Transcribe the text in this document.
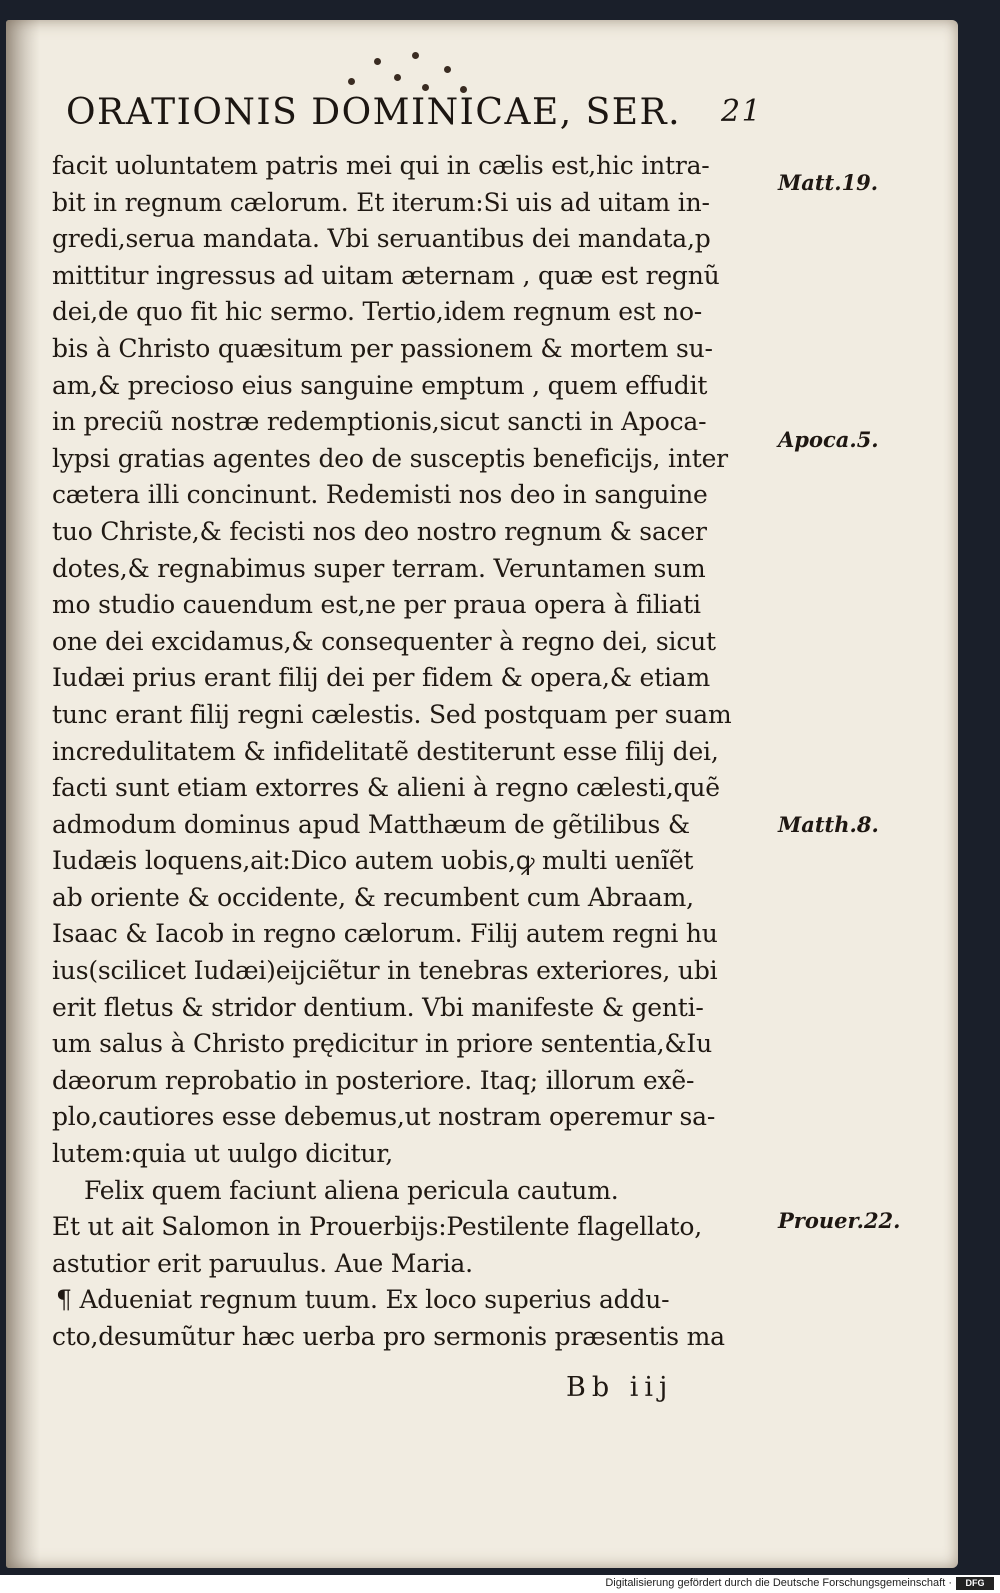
ORATIONIS DOMINICAE, SER. 21
facit uoluntatem patris mei qui in cælis est,hic intra-
bit in regnum cælorum. Et iterum:Si uis ad uitam in-
gredi,serua mandata. Vbi seruantibus dei mandata,p
mittitur ingressus ad uitam æternam , quæ est regnũ
dei,de quo fit hic sermo. Tertio,idem regnum est no-
bis à Christo quæsitum per passionem & mortem su-
am,& precioso eius sanguine emptum , quem effudit
in preciũ nostræ redemptionis,sicut sancti in Apoca-
lypsi gratias agentes deo de susceptis beneficijs, inter
cætera illi concinunt. Redemisti nos deo in sanguine
tuo Christe,& fecisti nos deo nostro regnum & sacer
dotes,& regnabimus super terram. Veruntamen sum
mo studio cauendum est,ne per praua opera à filiati
one dei excidamus,& consequenter à regno dei, sicut
Iudæi prius erant filij dei per fidem & opera,& etiam
tunc erant filij regni cælestis. Sed postquam per suam
incredulitatem & infidelitatẽ destiterunt esse filij dei,
facti sunt etiam extorres & alieni à regno cælesti,quẽ
admodum dominus apud Matthæum de gẽtilibus &
Iudæis loquens,ait:Dico autem uobis,ꝙ multi uenĩẽt
ab oriente & occidente, & recumbent cum Abraam,
Isaac & Iacob in regno cælorum. Filij autem regni hu
ius(scilicet Iudæi)eijciẽtur in tenebras exteriores, ubi
erit fletus & stridor dentium. Vbi manifeste & genti-
um salus à Christo prędicitur in priore sententia,&Iu
dæorum reprobatio in posteriore. Itaq; illorum exẽ-
plo,cautiores esse debemus,ut nostram operemur sa-
lutem:quia ut uulgo dicitur,
Felix quem faciunt aliena pericula cautum.
Et ut ait Salomon in Prouerbijs:Pestilente flagellato,
astutior erit paruulus. Aue Maria.
¶ Adueniat regnum tuum. Ex loco superius addu-
cto,desumũtur hæc uerba pro sermonis præsentis ma
Matt.19.
Apoca.5.
Matth.8.
Prouer.22.
Bb iij
Digitalisierung gefördert durch die Deutsche Forschungsgemeinschaft ·	DFG
